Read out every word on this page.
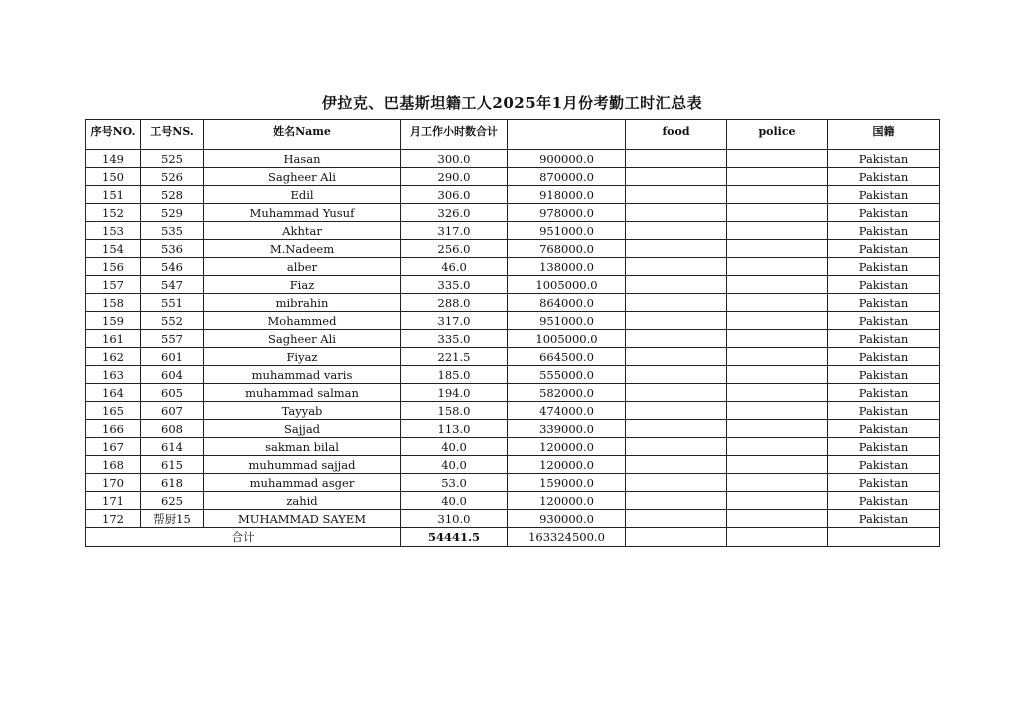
伊拉克、巴基斯坦籍工人2025年1月份考勤工时汇总表
序号NO.	工号NS.	姓名Name	月工作小时数合计		food	police	国籍
149	525	Hasan	300.0	900000.0			Pakistan
150	526	Sagheer Ali	290.0	870000.0			Pakistan
151	528	Edil	306.0	918000.0			Pakistan
152	529	Muhammad Yusuf	326.0	978000.0			Pakistan
153	535	Akhtar	317.0	951000.0			Pakistan
154	536	M.Nadeem	256.0	768000.0			Pakistan
156	546	alber	46.0	138000.0			Pakistan
157	547	Fiaz	335.0	1005000.0			Pakistan
158	551	mibrahin	288.0	864000.0			Pakistan
159	552	Mohammed	317.0	951000.0			Pakistan
161	557	Sagheer Ali	335.0	1005000.0			Pakistan
162	601	Fiyaz	221.5	664500.0			Pakistan
163	604	muhammad varis	185.0	555000.0			Pakistan
164	605	muhammad salman	194.0	582000.0			Pakistan
165	607	Tayyab	158.0	474000.0			Pakistan
166	608	Sajjad	113.0	339000.0			Pakistan
167	614	sakman bilal	40.0	120000.0			Pakistan
168	615	muhummad sajjad	40.0	120000.0			Pakistan
170	618	muhammad asger	53.0	159000.0			Pakistan
171	625	zahid	40.0	120000.0			Pakistan
172	帮厨15	MUHAMMAD SAYEM	310.0	930000.0			Pakistan
合计			54441.5	163324500.0			
